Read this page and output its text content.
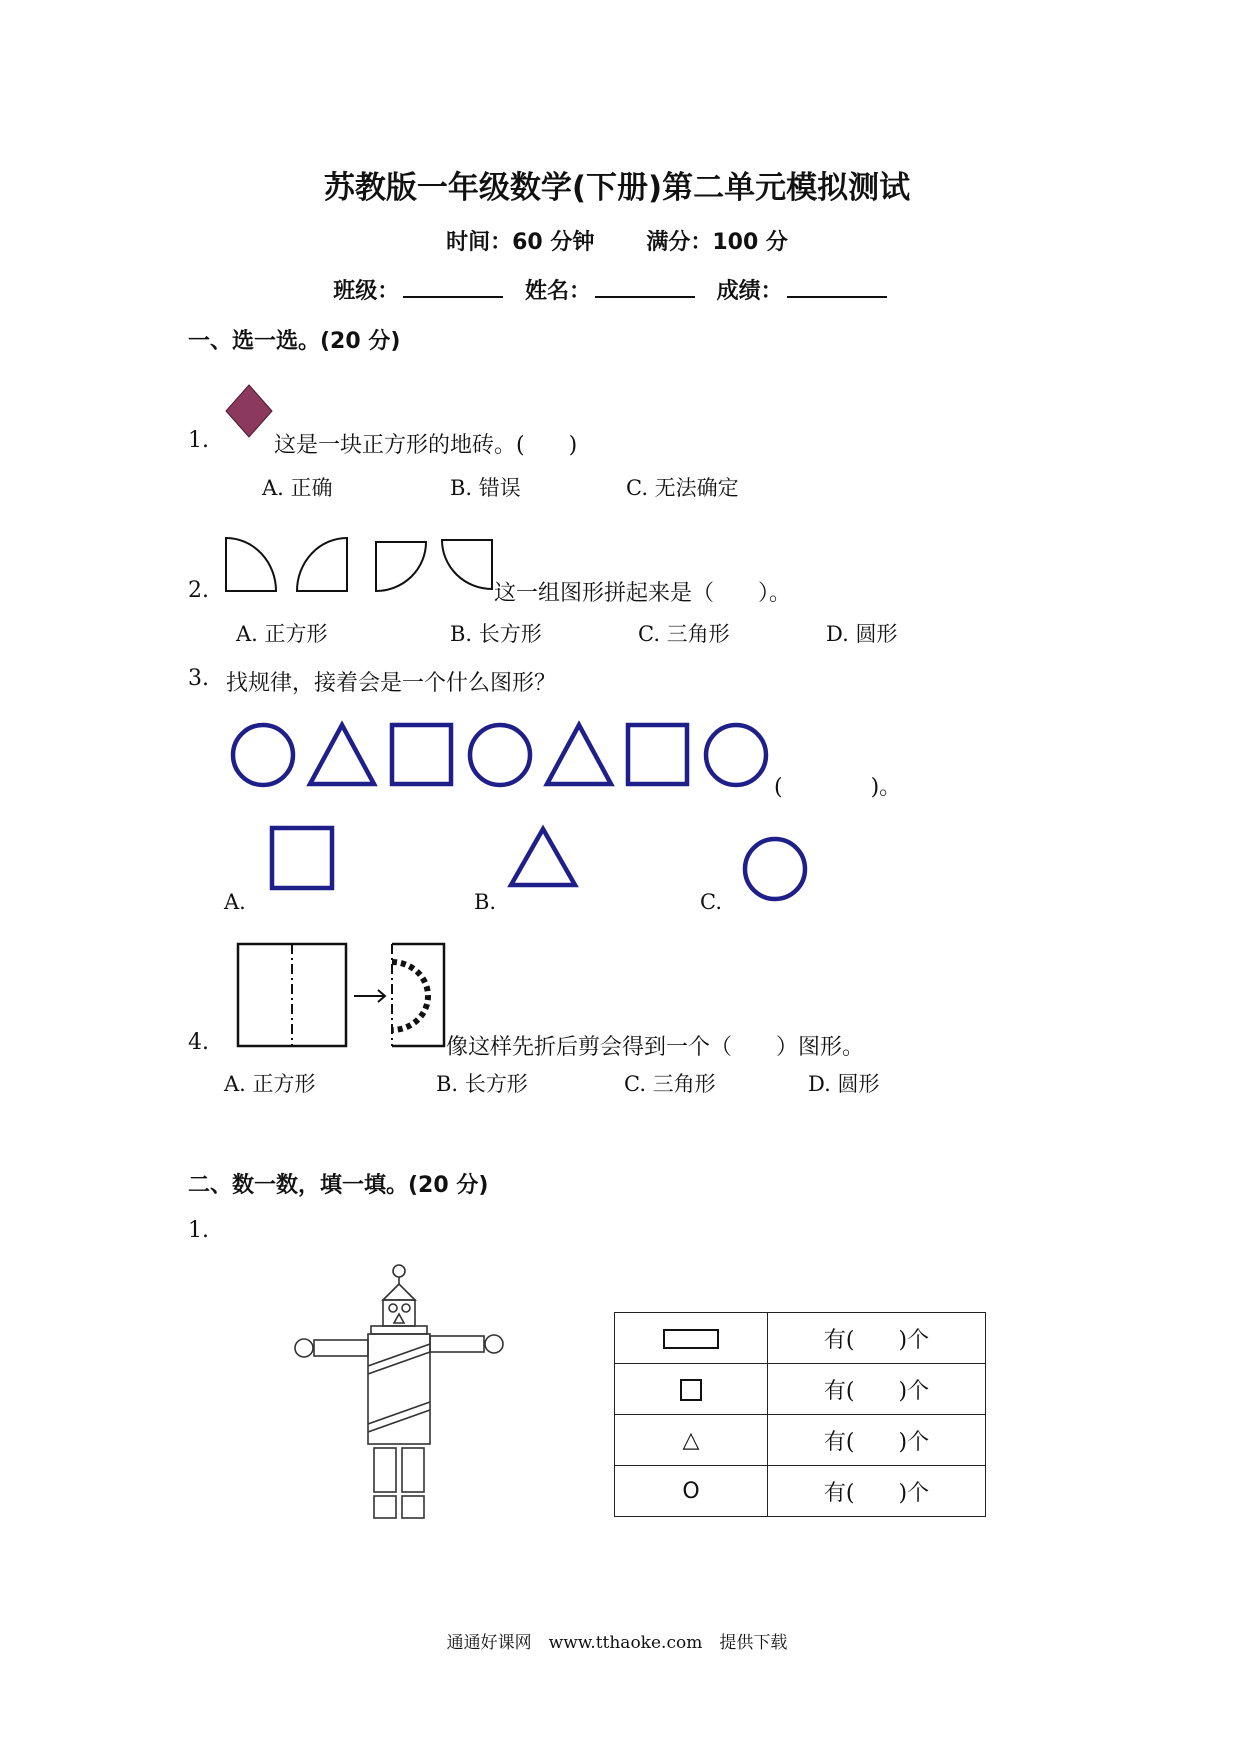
苏教版一年级数学(下册)第二单元模拟测试
时间：60 分钟 满分：100 分
班级：	姓名：	成绩：
一、选一选。(20 分)
1.	这是一块正方形的地砖。(　　)
A. 正确	B. 错误	C. 无法确定
2.	这一组图形拼起来是（　　）。
A. 正方形	B. 长方形	C. 三角形	D. 圆形
3. 找规律，接着会是一个什么图形？
(　　　　)。
A.	B.	C.
4.	像这样先折后剪会得到一个（　　）图形。
A. 正方形	B. 长方形	C. 三角形	D. 圆形
二、数一数，填一填。(20 分)
1.
	有(　　)个
	有(　　)个
△	有(　　)个
O	有(　　)个
通通好课网　www.tthaoke.com　提供下载
